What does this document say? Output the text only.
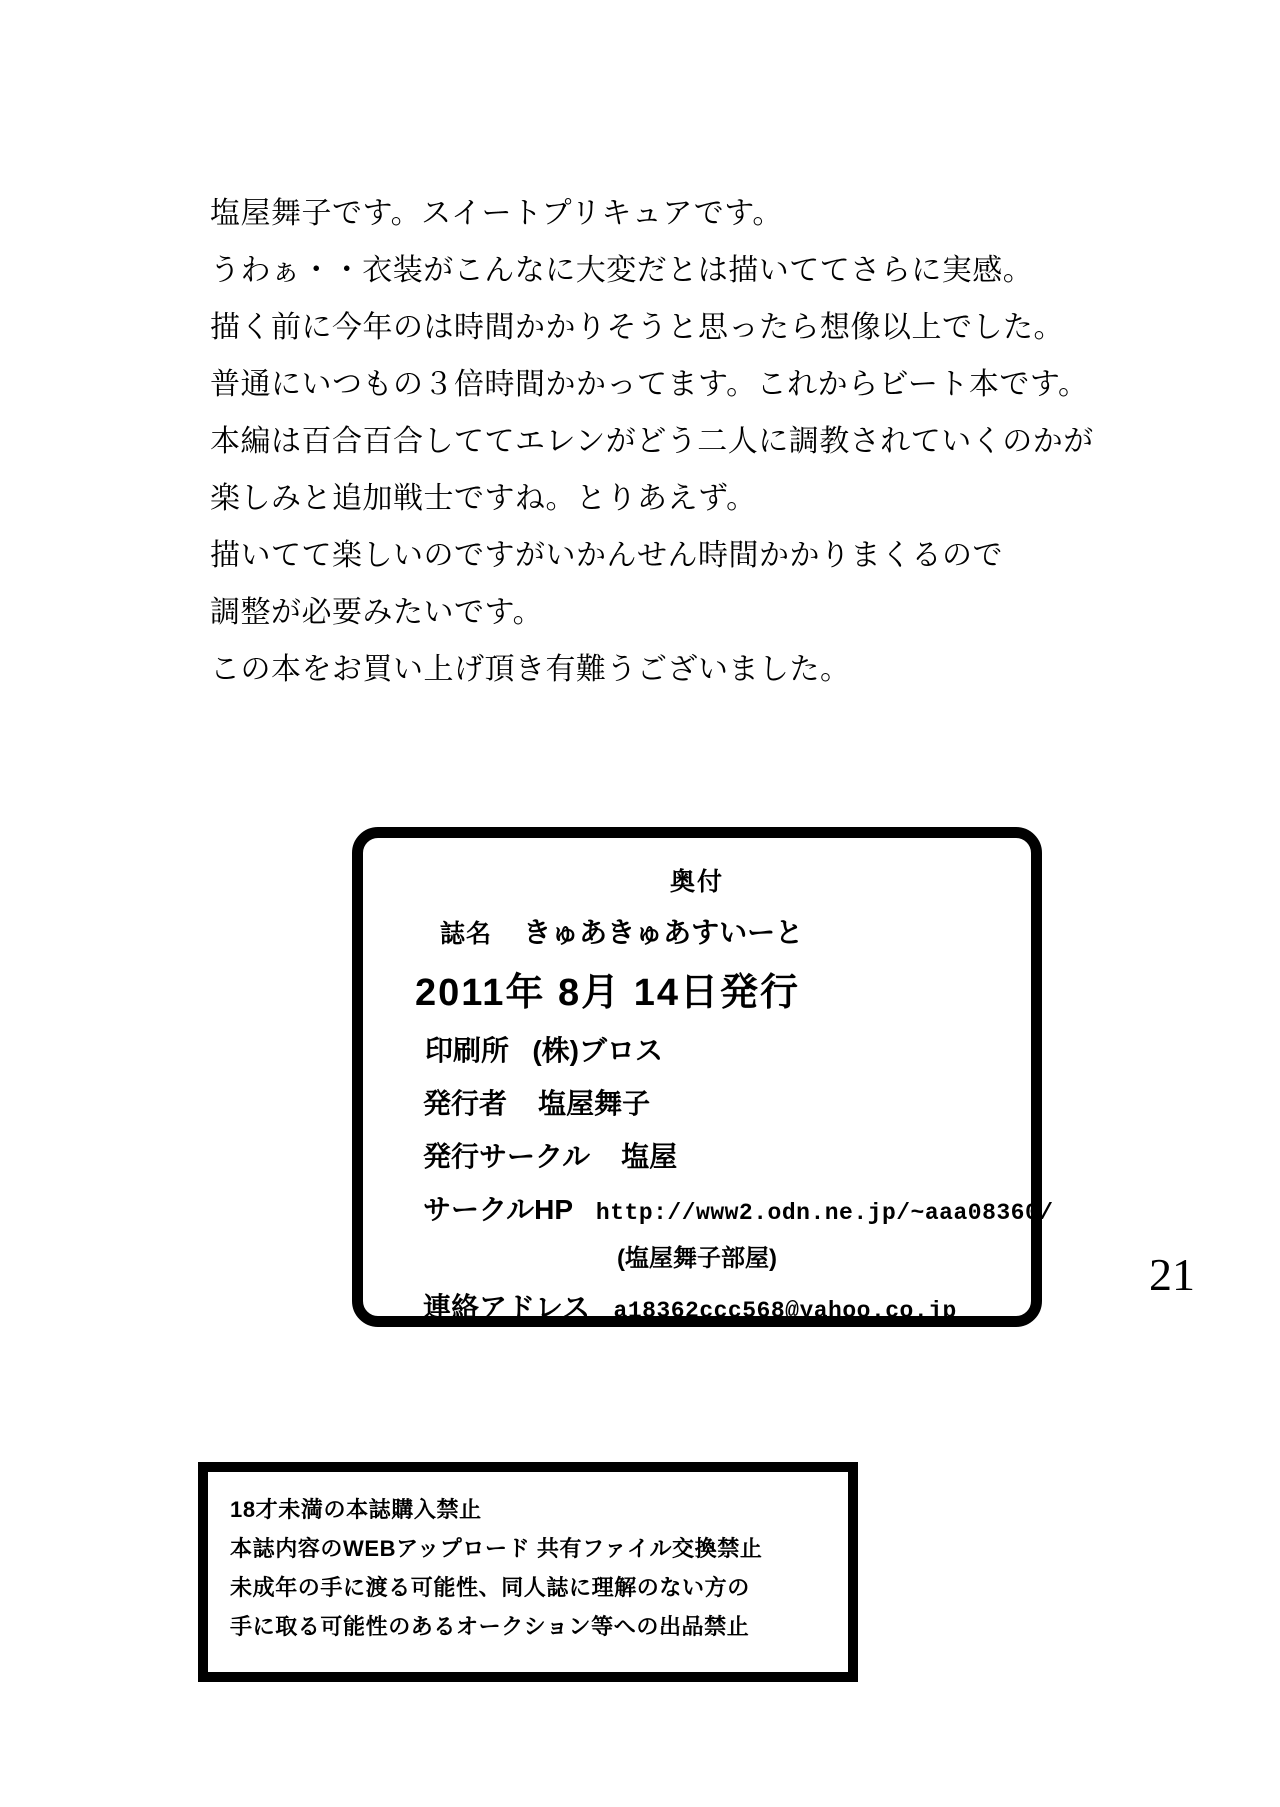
塩屋舞子です。スイートプリキュアです。
うわぁ・・衣装がこんなに大変だとは描いててさらに実感。
描く前に今年のは時間かかりそうと思ったら想像以上でした。
普通にいつもの３倍時間かかってます。これからビート本です。
本編は百合百合しててエレンがどう二人に調教されていくのかが
楽しみと追加戦士ですね。とりあえず。
描いてて楽しいのですがいかんせん時間かかりまくるので
調整が必要みたいです。
この本をお買い上げ頂き有難うございました。
奥付
誌名 きゅあきゅあすいーと
2011年 8月 14日発行
印刷所 (株)ブロス
発行者 塩屋舞子
発行サークル 塩屋
サークルHP http://www2.odn.ne.jp/~aaa08360/
(塩屋舞子部屋)
連絡アドレス a18362ccc568@yahoo.co.jp
21
18才未満の本誌購入禁止
本誌内容のWEBアップロード 共有ファイル交換禁止
未成年の手に渡る可能性、同人誌に理解のない方の
手に取る可能性のあるオークション等への出品禁止
